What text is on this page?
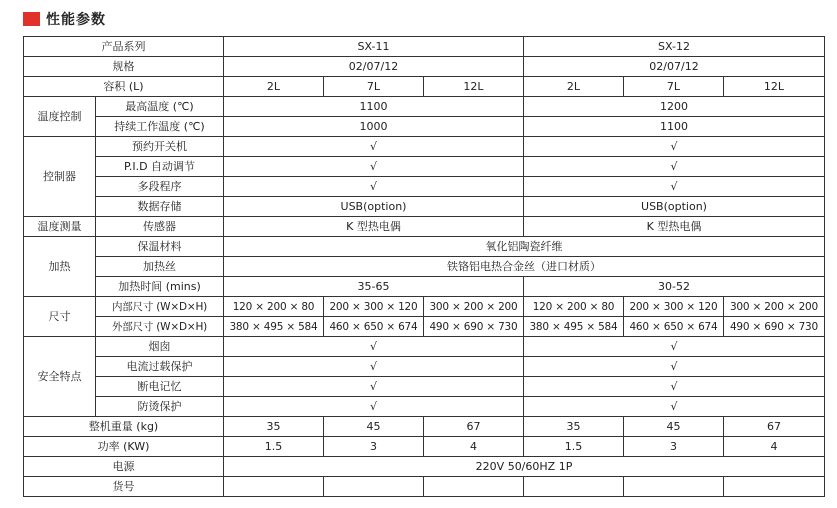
性能参数
产品系列		SX-11			SX-12		
规格		02/07/12			02/07/12		
容积 (L)		2L	7L	12L	2L	7L	12L
温度控制	最高温度 (℃)	1100			1200		
	持续工作温度 (℃)	1000			1100		
控制器	预约开关机	√			√		
	P.I.D 自动调节	√			√		
	多段程序	√			√		
	数据存储	USB(option)			USB(option)		
温度测量	传感器	K 型热电偶			K 型热电偶		
加热	保温材料	氧化铝陶瓷纤维					
	加热丝	铁铬铝电热合金丝（进口材质）					
	加热时间 (mins)	35-65			30-52		
尺寸	内部尺寸 (W×D×H)	120 × 200 × 80	200 × 300 × 120	300 × 200 × 200	120 × 200 × 80	200 × 300 × 120	300 × 200 × 200
	外部尺寸 (W×D×H)	380 × 495 × 584	460 × 650 × 674	490 × 690 × 730	380 × 495 × 584	460 × 650 × 674	490 × 690 × 730
安全特点	烟囱	√			√		
	电流过载保护	√			√		
	断电记忆	√			√		
	防烫保护	√			√		
整机重量 (kg)		35	45	67	35	45	67
功率 (KW)		1.5	3	4	1.5	3	4
电源		220V 50/60HZ 1P					
货号							
